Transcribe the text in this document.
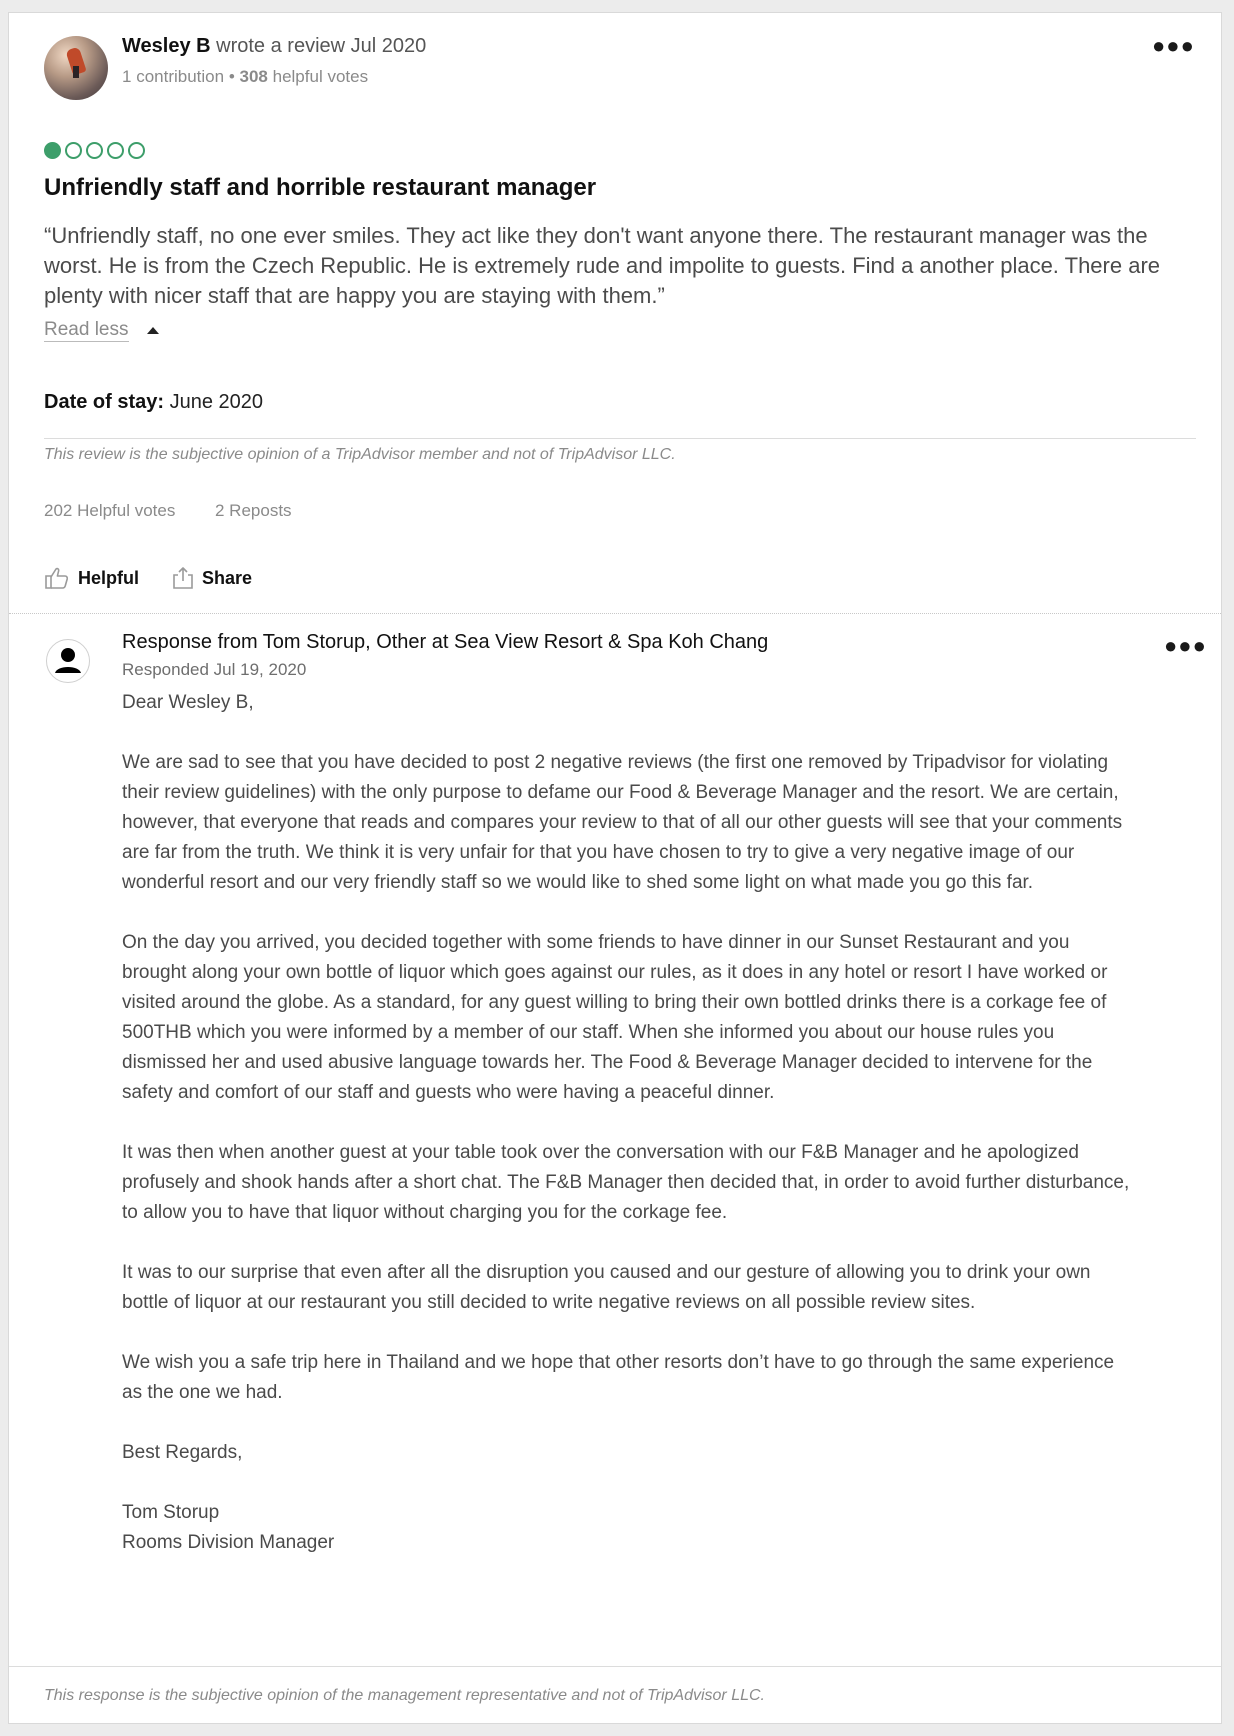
Wesley B wrote a review Jul 2020
1 contribution • 308 helpful votes
●●●
Unfriendly staff and horrible restaurant manager
“Unfriendly staff, no one ever smiles. They act like they don't want anyone there. The restaurant manager was the worst. He is from the Czech Republic. He is extremely rude and impolite to guests. Find a another place. There are plenty with nicer staff that are happy you are staying with them.”
Read less
Date of stay: June 2020
This review is the subjective opinion of a TripAdvisor member and not of TripAdvisor LLC.
202 Helpful votes 2 Reposts
Helpful	Share
Response from Tom Storup, Other at Sea View Resort & Spa Koh Chang
Responded Jul 19, 2020
●●●

Dear Wesley B,

We are sad to see that you have decided to post 2 negative reviews (the first one removed by Tripadvisor for violating their review guidelines) with the only purpose to defame our Food & Beverage Manager and the resort. We are certain, however, that everyone that reads and compares your review to that of all our other guests will see that your comments are far from the truth. We think it is very unfair for that you have chosen to try to give a very negative image of our wonderful resort and our very friendly staff so we would like to shed some light on what made you go this far.

On the day you arrived, you decided together with some friends to have dinner in our Sunset Restaurant and you brought along your own bottle of liquor which goes against our rules, as it does in any hotel or resort I have worked or visited around the globe. As a standard, for any guest willing to bring their own bottled drinks there is a corkage fee of 500THB which you were informed by a member of our staff. When she informed you about our house rules you dismissed her and used abusive language towards her. The Food & Beverage Manager decided to intervene for the safety and comfort of our staff and guests who were having a peaceful dinner.

It was then when another guest at your table took over the conversation with our F&B Manager and he apologized profusely and shook hands after a short chat. The F&B Manager then decided that, in order to avoid further disturbance, to allow you to have that liquor without charging you for the corkage fee.

It was to our surprise that even after all the disruption you caused and our gesture of allowing you to drink your own bottle of liquor at our restaurant you still decided to write negative reviews on all possible review sites.

We wish you a safe trip here in Thailand and we hope that other resorts don’t have to go through the same experience as the one we had.

Best Regards,

Tom Storup

Rooms Division Manager

This response is the subjective opinion of the management representative and not of TripAdvisor LLC.
